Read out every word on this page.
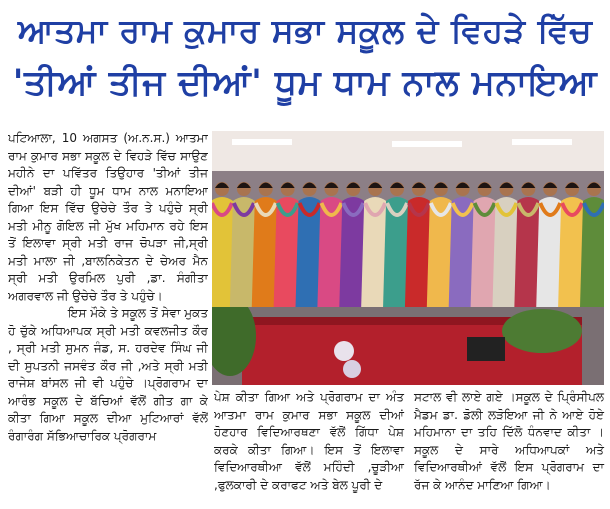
ਆਤਮਾ ਰਾਮ ਕੁਮਾਰ ਸਭਾ ਸਕੂਲ ਦੇ ਵਿਹੜੇ ਵਿੱਚ
'ਤੀਆਂ ਤੀਜ ਦੀਆਂ' ਧੂਮ ਧਾਮ ਨਾਲ ਮਨਾਇਆ

ਪਟਿਆਲਾ, 10 ਅਗਸਤ (ਅ.ਨ.ਸ.) ਆਤਮਾ ਰਾਮ ਕੁਮਾਰ ਸਭਾ ਸਕੂਲ ਦੇ ਵਿਹੜੇ ਵਿੱਚ ਸਾਉਣ ਮਹੀਨੇ ਦਾ ਪਵਿੱਤਰ ਤਿਉਹਾਰ 'ਤੀਆਂ ਤੀਜ ਦੀਆਂ' ਬੜੀ ਹੀ ਧੂਮ ਧਾਮ ਨਾਲ ਮਨਾਇਆ ਗਿਆ ਇਸ ਵਿੱਚ ਉਚੇਚੇ ਤੌਰ ਤੇ ਪਹੁੰਚੇ ਸ੍ਰੀ ਮਤੀ ਮੀਨੂ ਗੋਇਲ ਜੀ ਮੁੱਖ ਮਹਿਮਾਨ ਰਹੇ ਇਸ ਤੋਂ ਇਲਾਵਾ ਸ੍ਰੀ ਮਤੀ ਰਾਜ ਚੋਪੜਾ ਜੀ,ਸ੍ਰੀ ਮਤੀ ਮਾਲਾ ਜੀ ,ਬਾਲਨਿਕੇਤਨ ਦੇ ਚੇਅਰ ਮੈਨ ਸ੍ਰੀ ਮਤੀ ਉਰਮਿਲ ਪੁਰੀ ,ਡਾ. ਸੰਗੀਤਾ ਅਗਰਵਾਲ ਜੀ ਉਚੇਚੇ ਤੌਰ ਤੇ ਪਹੁੰਚੇ।

ਇਸ ਮੌਕੇ ਤੇ ਸਕੂਲ ਤੋਂ ਸੇਵਾ ਮੁਕਤ ਹੋ ਚੁੱਕੇ ਅਧਿਆਪਕ ਸ੍ਰੀ ਮਤੀ ਕਵਲਜੀਤ ਕੌਰ , ਸ੍ਰੀ ਮਤੀ ਸੁਮਨ ਜੰਡ, ਸ. ਹਰਦੇਵ ਸਿੰਘ ਜੀ ਦੀ ਸੁਪਤਨੀ ਜਸਵੰਤ ਕੌਰ ਜੀ ,ਅਤੇ ਸ੍ਰੀ ਮਤੀ ਰਾਜੇਸ਼ ਬਾਂਸਲ ਜੀ ਵੀ ਪਹੁੰਚੇ ।ਪ੍ਰੋਗਰਾਮ ਦਾ ਆਰੰਭ ਸਕੂਲ ਦੇ ਬੱਚਿਆਂ ਵੱਲੋਂ ਗੀਤ ਗਾ ਕੇ ਕੀਤਾ ਗਿਆ ਸਕੂਲ ਦੀਆ ਮੁਟਿਆਰਾਂ ਵੱਲੋਂ ਰੰਗਾਰੰਗ ਸੱਭਿਆਚਾਰਿਕ ਪ੍ਰੋਗਰਾਮ

ਪੇਸ਼ ਕੀਤਾ ਗਿਆ ਅਤੇ ਪ੍ਰੋਗਰਾਮ ਦਾ ਅੰਤ ਆਤਮਾ ਰਾਮ ਕੁਮਾਰ ਸਭਾ ਸਕੂਲ ਦੀਆਂ ਹੋਣਹਾਰ ਵਿਦਿਆਰਥਣਾ ਵੱਲੋਂ ਗਿੱਧਾ ਪੇਸ਼ ਕਰਕੇ ਕੀਤਾ ਗਿਆ। ਇਸ ਤੋਂ ਇਲਾਵਾ ਵਿਦਿਆਰਥੀਆ ਵੱਲੋਂ ਮਹਿੰਦੀ ,ਚੂੜੀਆ ,ਫੁਲਕਾਰੀ ਦੇ ਕਰਾਫਟ ਅਤੇ ਬੇਲ ਪੂਰੀ ਦੇ
ਸਟਾਲ ਵੀ ਲਾਏ ਗਏ ।ਸਕੂਲ ਦੇ ਪ੍ਰਿੰਸੀਪਲ ਮੈਡਮ ਡਾ. ਡੋਲੀ ਲੜੋਇਆ ਜੀ ਨੇ ਆਏ ਹੋਏ ਮਹਿਮਾਨਾ ਦਾ ਤਹਿ ਦਿੱਲੋ ਧੰਨਵਾਦ ਕੀਤਾ ।ਸਕੂਲ ਦੇ ਸਾਰੇ ਅਧਿਆਪਕਾਂ ਅਤੇ ਵਿਦਿਆਰਥੀਆਂ ਵੱਲੋਂ ਇਸ ਪ੍ਰੋਗਰਾਮ ਦਾ ਰੱਜ ਕੇ ਆਨੰਦ ਮਾਣਿਆ ਗਿਆ।
